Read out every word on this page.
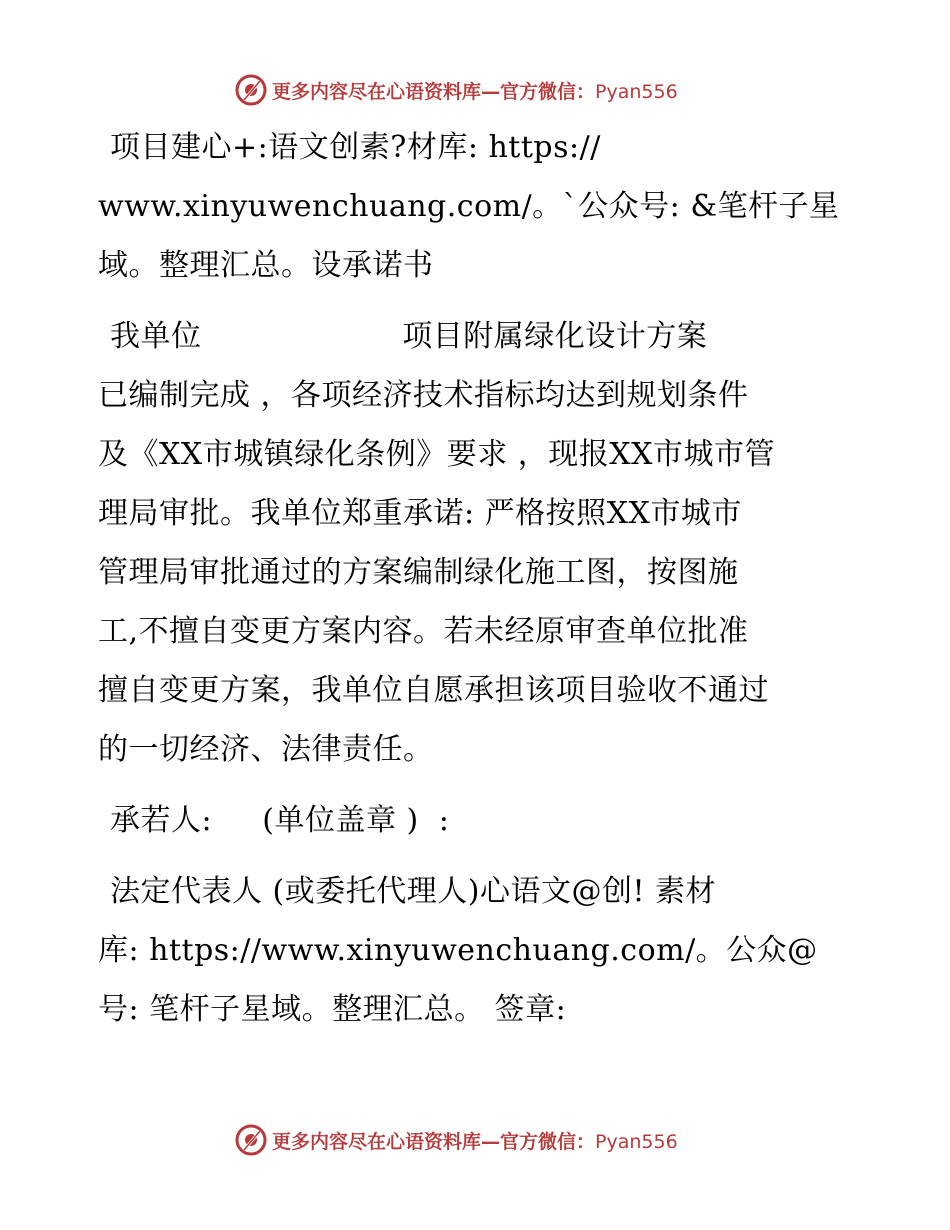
更多内容尽在心语资料库—官方微信：Pyan556

项目建心+:语文创素?材库: https://
www.xinyuwenchuang.com/。`公众号: &笔杆子星
域。整理汇总。设承诺书

我单位                    项目附属绿化设计方案
已编制完成 ，各项经济技术指标均达到规划条件
及《XX市城镇绿化条例》要求 ，现报XX市城市管
理局审批。我单位郑重承诺: 严格按照XX市城市
管理局审批通过的方案编制绿化施工图，按图施
工,不擅自变更方案内容。若未经原审查单位批准
擅自变更方案，我单位自愿承担该项目验收不通过
的一切经济、法律责任。

承若人:     (单位盖章 )  :

法定代表人 (或委托代理人)心语文@创! 素材
库: https://www.xinyuwenchuang.com/。公众@
号: 笔杆子星域。整理汇总。 签章:

更多内容尽在心语资料库—官方微信：Pyan556
